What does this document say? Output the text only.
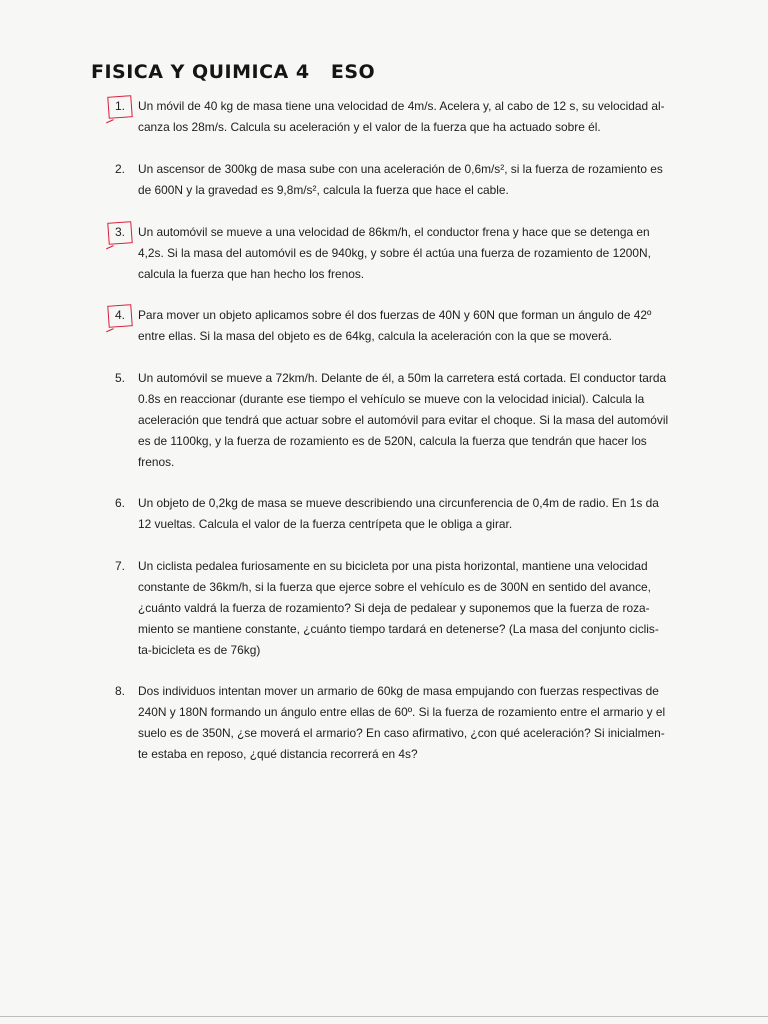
FISICA Y QUIMICA 4   ESO
1.	Un móvil de 40 kg de masa tiene una velocidad de 4m/s. Acelera y, al cabo de 12 s, su velocidad al-
canza los 28m/s. Calcula su aceleración y el valor de la fuerza que ha actuado sobre él.
2.	Un ascensor de 300kg de masa sube con una aceleración de 0,6m/s², si la fuerza de rozamiento es
de 600N y la gravedad es 9,8m/s², calcula la fuerza que hace el cable.
3.	Un automóvil se mueve a una velocidad de 86km/h, el conductor frena y hace que se detenga en
4,2s. Si la masa del automóvil es de 940kg, y sobre él actúa una fuerza de rozamiento de 1200N,
calcula la fuerza que han hecho los frenos.
4.	Para mover un objeto aplicamos sobre él dos fuerzas de 40N y 60N que forman un ángulo de 42º
entre ellas. Si la masa del objeto es de 64kg, calcula la aceleración con la que se moverá.
5.	Un automóvil se mueve a 72km/h. Delante de él, a 50m la carretera está cortada. El conductor tarda
0.8s en reaccionar (durante ese tiempo el vehículo se mueve con la velocidad inicial). Calcula la
aceleración que tendrá que actuar sobre el automóvil para evitar el choque. Si la masa del automóvil
es de 1100kg, y la fuerza de rozamiento es de 520N, calcula la fuerza que tendrán que hacer los
frenos.
6.	Un objeto de 0,2kg de masa se mueve describiendo una circunferencia de 0,4m de radio. En 1s da
12 vueltas. Calcula el valor de la fuerza centrípeta que le obliga a girar.
7.	Un ciclista pedalea furiosamente en su bicicleta por una pista horizontal, mantiene una velocidad
constante de 36km/h, si la fuerza que ejerce sobre el vehículo es de 300N en sentido del avance,
¿cuánto valdrá la fuerza de rozamiento? Si deja de pedalear y suponemos que la fuerza de roza-
miento se mantiene constante, ¿cuánto tiempo tardará en detenerse? (La masa del conjunto ciclis-
ta-bicicleta es de 76kg)
8.	Dos individuos intentan mover un armario de 60kg de masa empujando con fuerzas respectivas de
240N y 180N formando un ángulo entre ellas de 60º. Si la fuerza de rozamiento entre el armario y el
suelo es de 350N, ¿se moverá el armario? En caso afirmativo, ¿con qué aceleración? Si inicialmen-
te estaba en reposo, ¿qué distancia recorrerá en 4s?
